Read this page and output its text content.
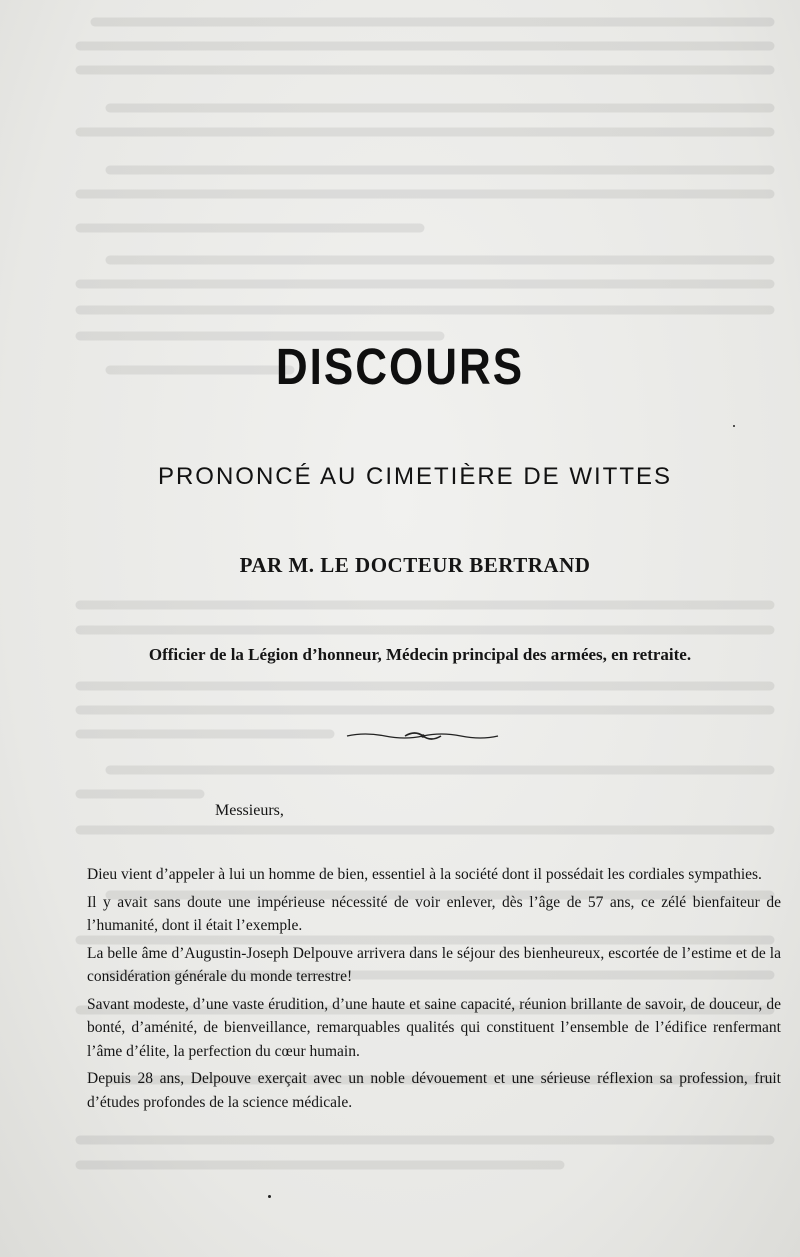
DISCOURS
PRONONCÉ AU CIMETIÈRE DE WITTES
PAR M. LE DOCTEUR BERTRAND
Officier de la Légion d’honneur, Médecin principal des armées, en retraite.
Messieurs,

Dieu vient d’appeler à lui un homme de bien, essentiel à la société dont il possédait les cordiales sympathies.

Il y avait sans doute une impérieuse nécessité de voir enlever, dès l’âge de 57 ans, ce zélé bienfaiteur de l’humanité, dont il était l’exemple.

La belle âme d’Augustin-Joseph Delpouve arrivera dans le séjour des bienheureux, escortée de l’estime et de la considération générale du monde terrestre!

Savant modeste, d’une vaste érudition, d’une haute et saine capacité, réunion brillante de savoir, de douceur, de bonté, d’aménité, de bienveillance, remarquables qualités qui constituent l’ensemble de l’édifice renfermant l’âme d’élite, la perfection du cœur humain.

Depuis 28 ans, Delpouve exerçait avec un noble dévouement et une sérieuse réflexion sa profession, fruit d’études profondes de la science médicale.
